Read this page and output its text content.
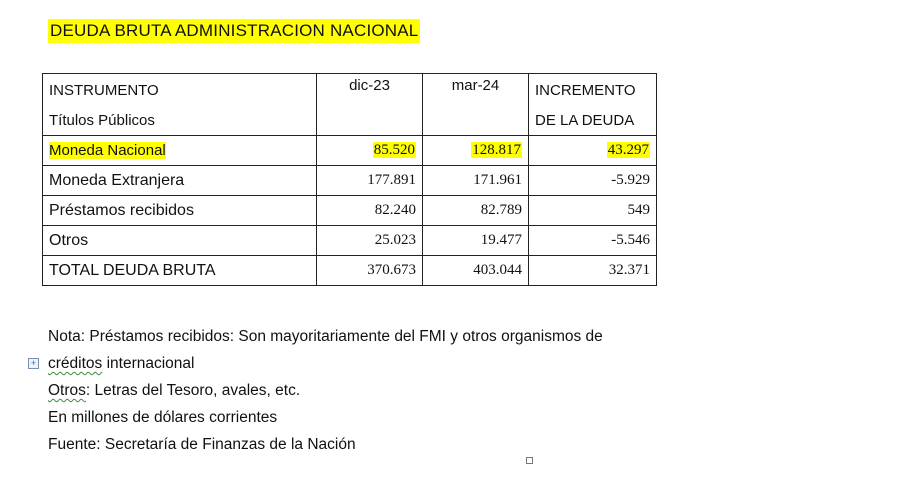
DEUDA BRUTA ADMINISTRACION NACIONAL
INSTRUMENTO	dic-23	mar-24	INCREMENTO
Títulos Públicos			DE LA DEUDA
Moneda Nacional	85.520	128.817	43.297
Moneda Extranjera	177.891	171.961	-5.929
Préstamos recibidos	82.240	82.789	549
Otros	25.023	19.477	-5.546
TOTAL DEUDA BRUTA	370.673	403.044	32.371
+
Nota: Préstamos recibidos: Son mayoritariamente del FMI y otros organismos de
créditos internacional
Otros: Letras del Tesoro, avales, etc.
En millones de dólares corrientes
Fuente: Secretaría de Finanzas de la Nación
